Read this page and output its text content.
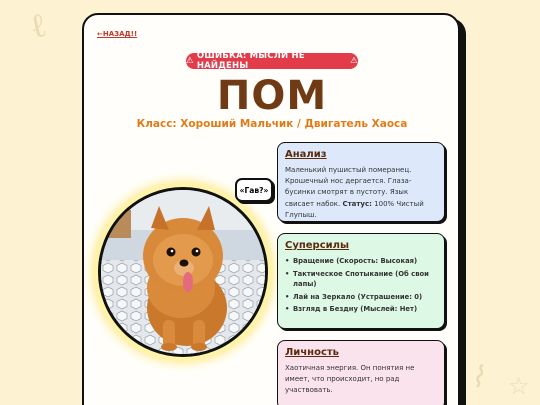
ℓ
⌇ ☆
←НАЗАД!!
⚠ ОШИБКА: МЫСЛИ НЕ НАЙДЕНЫ	⚠
ПОМ
Класс: Хороший Мальчик / Двигатель Хаоса
«Гав?»
Анализ

Маленький пушистый померанец. Крошечный нос дергается. Глаза-бусинки смотрят в пустоту. Язык свисает набок. Статус: 100% Чистый Глупыш.

Суперсилы
• Вращение (Скорость: Высокая)
• Тактическое Спотыкание (Об свои лапы)
• Лай на Зеркало (Устрашение: 0)
• Взгляд в Бездну (Мыслей: Нет)
Личность

Хаотичная энергия. Он понятия не имеет, что происходит, но рад участвовать.
